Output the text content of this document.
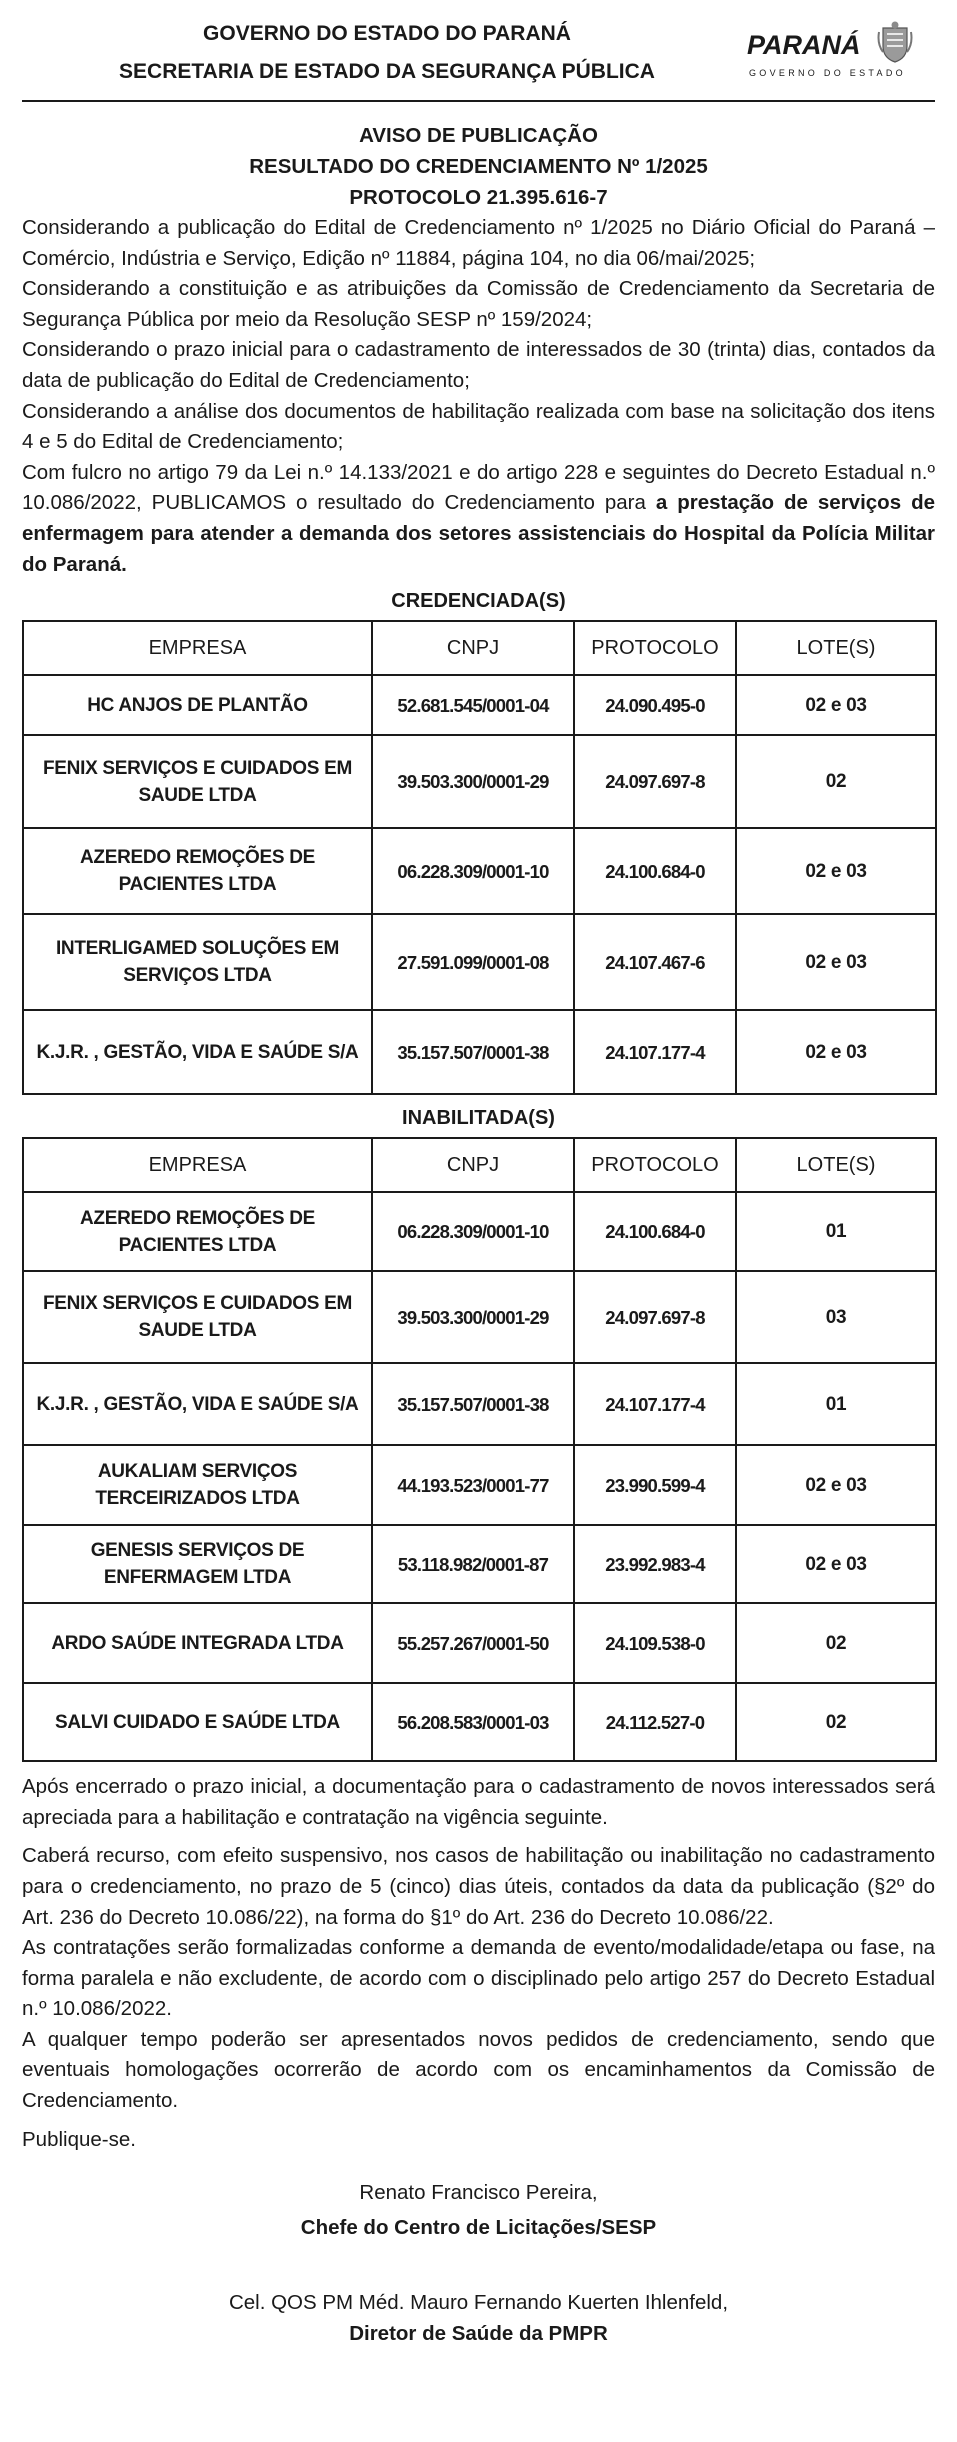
GOVERNO DO ESTADO DO PARANÁ
SECRETARIA DE ESTADO DA SEGURANÇA PÚBLICA
PARANÁ
GOVERNO DO ESTADO
AVISO DE PUBLICAÇÃO
RESULTADO DO CREDENCIAMENTO Nº 1/2025
PROTOCOLO 21.395.616-7

Considerando a publicação do Edital de Credenciamento nº 1/2025 no Diário Oficial do Paraná – Comércio, Indústria e Serviço, Edição nº 11884, página 104, no dia 06/mai/2025;

Considerando a constituição e as atribuições da Comissão de Credenciamento da Secretaria de Segurança Pública por meio da Resolução SESP nº 159/2024;

Considerando o prazo inicial para o cadastramento de interessados de 30 (trinta) dias, contados da data de publicação do Edital de Credenciamento;

Considerando a análise dos documentos de habilitação realizada com base na solicitação dos itens 4 e 5 do Edital de Credenciamento;

Com fulcro no artigo 79 da Lei n.º 14.133/2021 e do artigo 228 e seguintes do Decreto Estadual n.º 10.086/2022, PUBLICAMOS o resultado do Credenciamento para a prestação de serviços de enfermagem para atender a demanda dos setores assistenciais do Hospital da Polícia Militar do Paraná.

CREDENCIADA(S)
EMPRESA	CNPJ	PROTOCOLO	LOTE(S)
HC ANJOS DE PLANTÃO	52.681.545/0001-04	24.090.495-0	02 e 03
FENIX SERVIÇOS E CUIDADOS EM SAUDE LTDA	39.503.300/0001-29	24.097.697-8	02
AZEREDO REMOÇÕES DE PACIENTES LTDA	06.228.309/0001-10	24.100.684-0	02 e 03
INTERLIGAMED SOLUÇÕES EM SERVIÇOS LTDA	27.591.099/0001-08	24.107.467-6	02 e 03
K.J.R. , GESTÃO, VIDA E SAÚDE S/A	35.157.507/0001-38	24.107.177-4	02 e 03
INABILITADA(S)
EMPRESA	CNPJ	PROTOCOLO	LOTE(S)
AZEREDO REMOÇÕES DE PACIENTES LTDA	06.228.309/0001-10	24.100.684-0	01
FENIX SERVIÇOS E CUIDADOS EM SAUDE LTDA	39.503.300/0001-29	24.097.697-8	03
K.J.R. , GESTÃO, VIDA E SAÚDE S/A	35.157.507/0001-38	24.107.177-4	01
AUKALIAM SERVIÇOS TERCEIRIZADOS LTDA	44.193.523/0001-77	23.990.599-4	02 e 03
GENESIS SERVIÇOS DE ENFERMAGEM LTDA	53.118.982/0001-87	23.992.983-4	02 e 03
ARDO SAÚDE INTEGRADA LTDA	55.257.267/0001-50	24.109.538-0	02
SALVI CUIDADO E SAÚDE LTDA	56.208.583/0001-03	24.112.527-0	02

Após encerrado o prazo inicial, a documentação para o cadastramento de novos interessados será apreciada para a habilitação e contratação na vigência seguinte.

Caberá recurso, com efeito suspensivo, nos casos de habilitação ou inabilitação no cadastramento para o credenciamento, no prazo de 5 (cinco) dias úteis, contados da data da publicação (§2º do Art. 236 do Decreto 10.086/22), na forma do §1º do Art. 236 do Decreto 10.086/22.

As contratações serão formalizadas conforme a demanda de evento/modalidade/etapa ou fase, na forma paralela e não excludente, de acordo com o disciplinado pelo artigo 257 do Decreto Estadual n.º 10.086/2022.

A qualquer tempo poderão ser apresentados novos pedidos de credenciamento, sendo que eventuais homologações ocorrerão de acordo com os encaminhamentos da Comissão de Credenciamento.

Publique-se.

Renato Francisco Pereira,
Chefe do Centro de Licitações/SESP
Cel. QOS PM Méd. Mauro Fernando Kuerten Ihlenfeld,
Diretor de Saúde da PMPR
